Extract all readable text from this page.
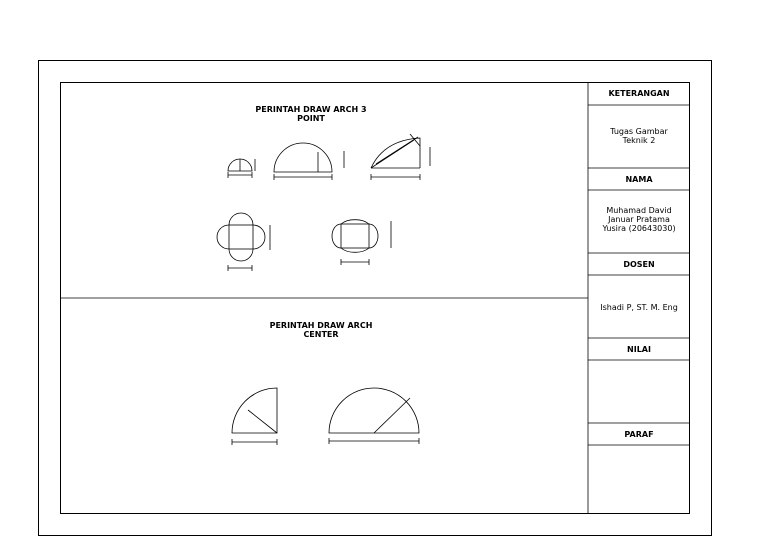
PERINTAH DRAW ARCH 3
POINT
PERINTAH DRAW ARCH
CENTER
KETERANGAN
Tugas Gambar
Teknik 2
NAMA
Muhamad David
Januar Pratama
Yusira (20643030)
DOSEN
Ishadi P, ST. M. Eng
NILAI
PARAF
